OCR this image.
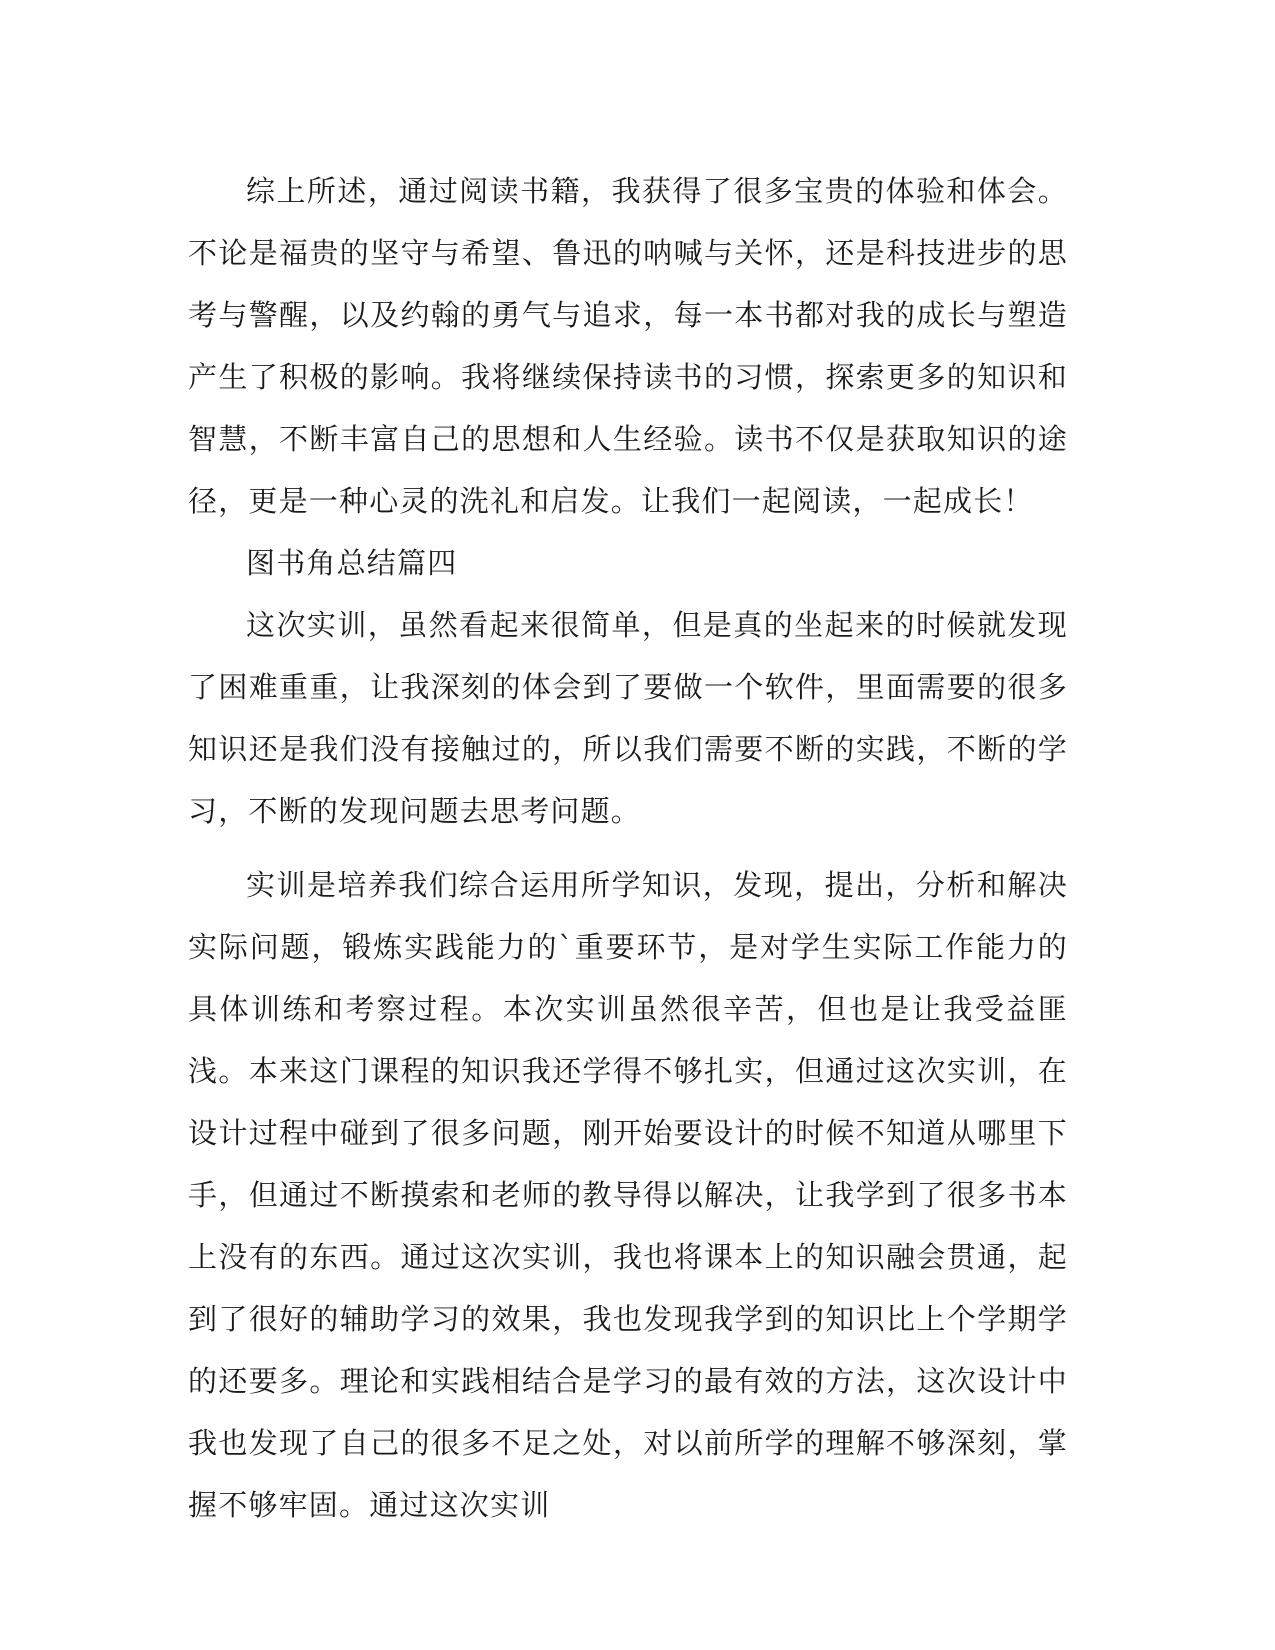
综上所述，通过阅读书籍，我获得了很多宝贵的体验和体会。不论是福贵的坚守与希望、鲁迅的呐喊与关怀，还是科技进步的思考与警醒，以及约翰的勇气与追求，每一本书都对我的成长与塑造产生了积极的影响。我将继续保持读书的习惯，探索更多的知识和智慧，不断丰富自己的思想和人生经验。读书不仅是获取知识的途径，更是一种心灵的洗礼和启发。让我们一起阅读，一起成长！

图书角总结篇四

这次实训，虽然看起来很简单，但是真的坐起来的时候就发现了困难重重，让我深刻的体会到了要做一个软件，里面需要的很多知识还是我们没有接触过的，所以我们需要不断的实践，不断的学习，不断的发现问题去思考问题。

实训是培养我们综合运用所学知识，发现，提出，分析和解决实际问题，锻炼实践能力的`重要环节，是对学生实际工作能力的具体训练和考察过程。本次实训虽然很辛苦，但也是让我受益匪浅。本来这门课程的知识我还学得不够扎实，但通过这次实训，在设计过程中碰到了很多问题，刚开始要设计的时候不知道从哪里下手，但通过不断摸索和老师的教导得以解决，让我学到了很多书本上没有的东西。通过这次实训，我也将课本上的知识融会贯通，起到了很好的辅助学习的效果，我也发现我学到的知识比上个学期学的还要多。理论和实践相结合是学习的最有效的方法，这次设计中我也发现了自己的很多不足之处，对以前所学的理解不够深刻，掌握不够牢固。通过这次实训
